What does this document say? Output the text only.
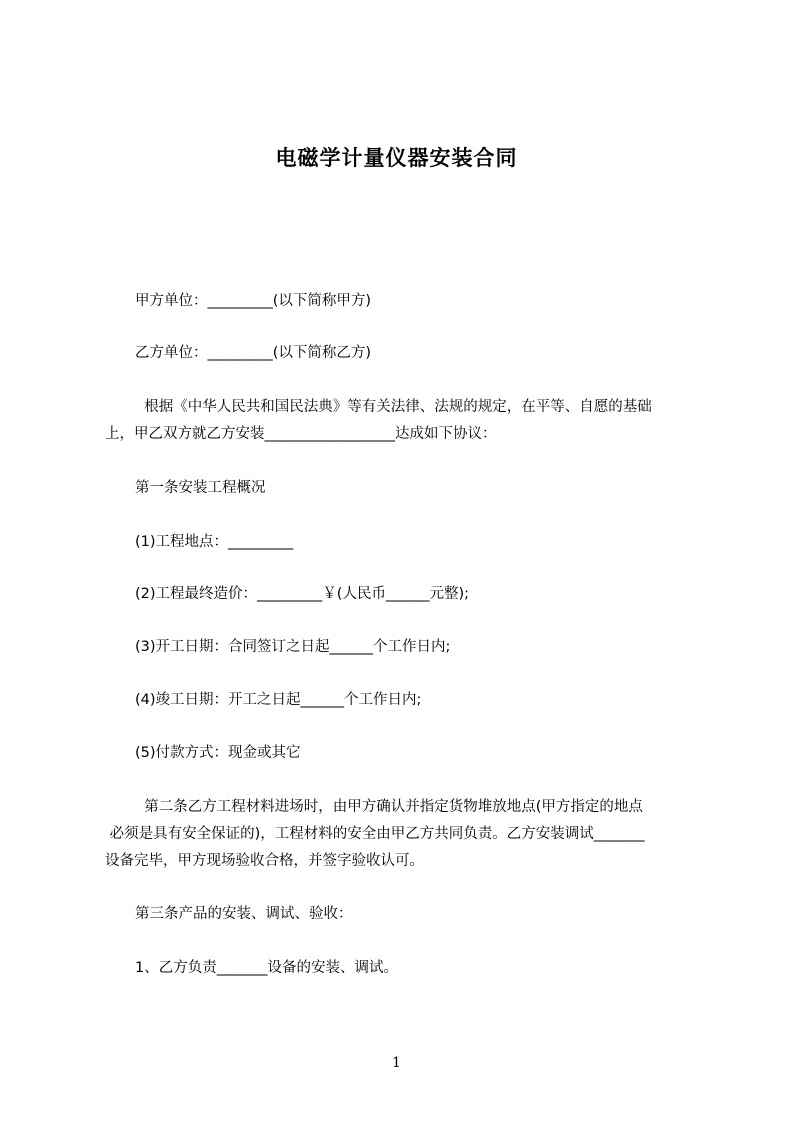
电磁学计量仪器安装合同
甲方单位：_________(以下简称甲方)
乙方单位：_________(以下简称乙方)
根据《中华人民共和国民法典》等有关法律、法规的规定，在平等、自愿的基础
上，甲乙双方就乙方安装__________________达成如下协议：
第一条安装工程概况
(1)工程地点：_________
(2)工程最终造价：_________￥(人民币______元整);
(3)开工日期：合同签订之日起______个工作日内;
(4)竣工日期：开工之日起______个工作日内;
(5)付款方式：现金或其它
第二条乙方工程材料进场时，由甲方确认并指定货物堆放地点(甲方指定的地点
必须是具有安全保证的)，工程材料的安全由甲乙方共同负责。乙方安装调试_______
设备完毕，甲方现场验收合格，并签字验收认可。
第三条产品的安装、调试、验收：
1、乙方负责_______设备的安装、调试。
1
